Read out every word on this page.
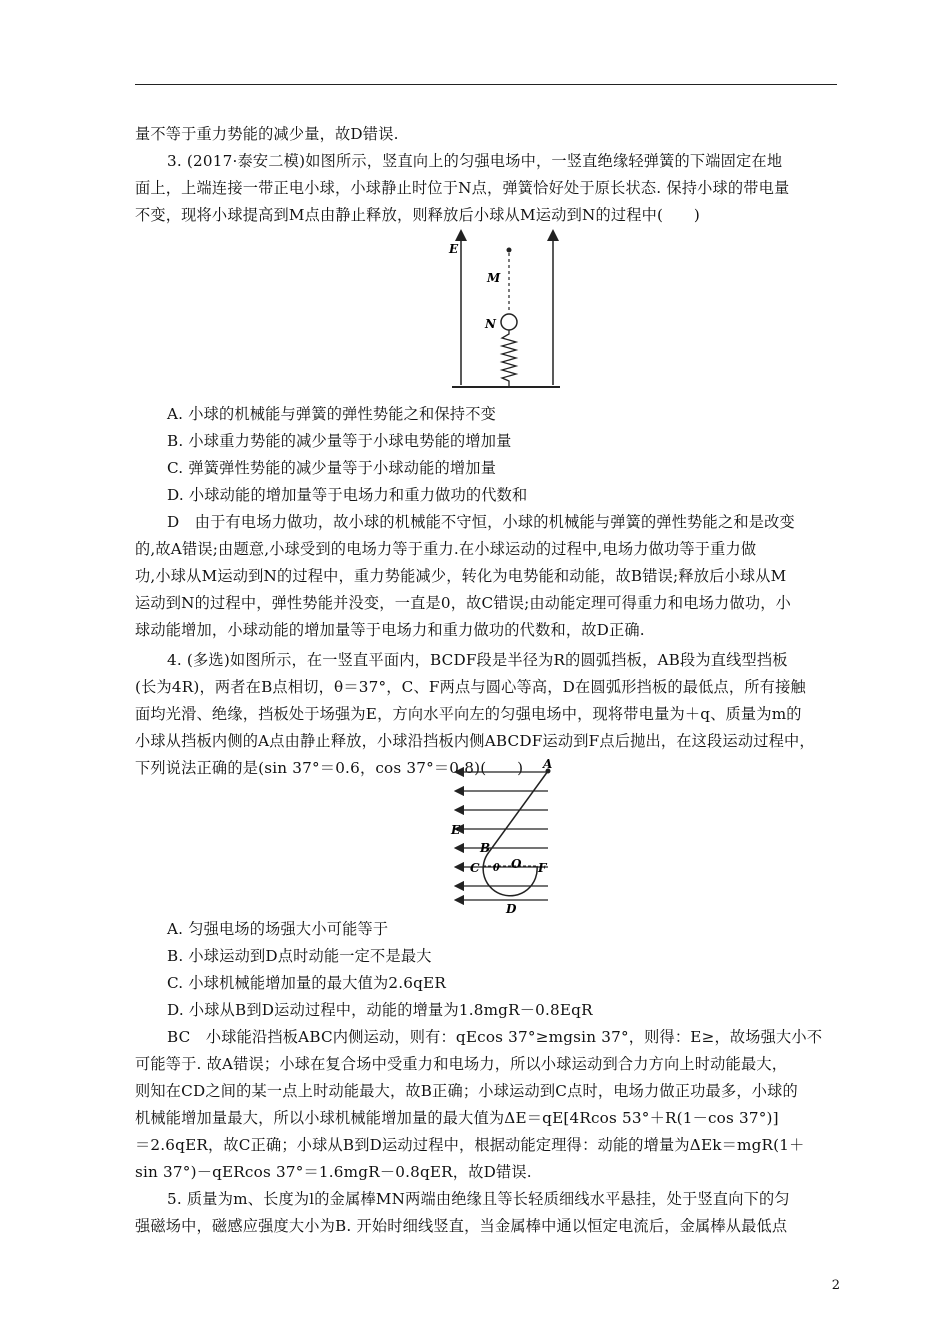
量不等于重力势能的减少量，故D错误.
3. (2017·泰安二模)如图所示，竖直向上的匀强电场中，一竖直绝缘轻弹簧的下端固定在地
面上，上端连接一带正电小球，小球静止时位于N点，弹簧恰好处于原长状态. 保持小球的带电量
不变，现将小球提高到M点由静止释放，则释放后小球从M运动到N的过程中(　　)
E
M
N
A. 小球的机械能与弹簧的弹性势能之和保持不变
B. 小球重力势能的减少量等于小球电势能的增加量
C. 弹簧弹性势能的减少量等于小球动能的增加量
D. 小球动能的增加量等于电场力和重力做功的代数和
D　由于有电场力做功，故小球的机械能不守恒，小球的机械能与弹簧的弹性势能之和是改变
的,故A错误;由题意,小球受到的电场力等于重力.在小球运动的过程中,电场力做功等于重力做
功,小球从M运动到N的过程中，重力势能减少，转化为电势能和动能，故B错误;释放后小球从M
运动到N的过程中，弹性势能并没变，一直是0，故C错误;由动能定理可得重力和电场力做功，小
球动能增加，小球动能的增加量等于电场力和重力做功的代数和，故D正确.
4. (多选)如图所示，在一竖直平面内，BCDF段是半径为R的圆弧挡板，AB段为直线型挡板
(长为4R)，两者在B点相切，θ＝37°，C、F两点与圆心等高，D在圆弧形挡板的最低点，所有接触
面均光滑、绝缘，挡板处于场强为E，方向水平向左的匀强电场中，现将带电量为＋q、质量为m的
小球从挡板内侧的A点由静止释放，小球沿挡板内侧ABCDF运动到F点后抛出，在这段运动过程中，
下列说法正确的是(sin 37°＝0.6，cos 37°＝0.8)(　　)	A
E
B
C θ O F
D
A. 匀强电场的场强大小可能等于
B. 小球运动到D点时动能一定不是最大
C. 小球机械能增加量的最大值为2.6qER
D. 小球从B到D运动过程中，动能的增量为1.8mgR－0.8EqR
BC　小球能沿挡板ABC内侧运动，则有：qEcos 37°≥mgsin 37°，则得：E≥，故场强大小不
可能等于. 故A错误；小球在复合场中受重力和电场力，所以小球运动到合力方向上时动能最大，
则知在CD之间的某一点上时动能最大，故B正确；小球运动到C点时，电场力做正功最多，小球的
机械能增加量最大，所以小球机械能增加量的最大值为ΔE＝qE[4Rcos 53°＋R(1－cos 37°)]
＝2.6qER，故C正确；小球从B到D运动过程中，根据动能定理得：动能的增量为ΔEk＝mgR(1＋
sin 37°)－qERcos 37°＝1.6mgR－0.8qER，故D错误.
5. 质量为m、长度为l的金属棒MN两端由绝缘且等长轻质细线水平悬挂，处于竖直向下的匀
强磁场中，磁感应强度大小为B. 开始时细线竖直，当金属棒中通以恒定电流后，金属棒从最低点
2
